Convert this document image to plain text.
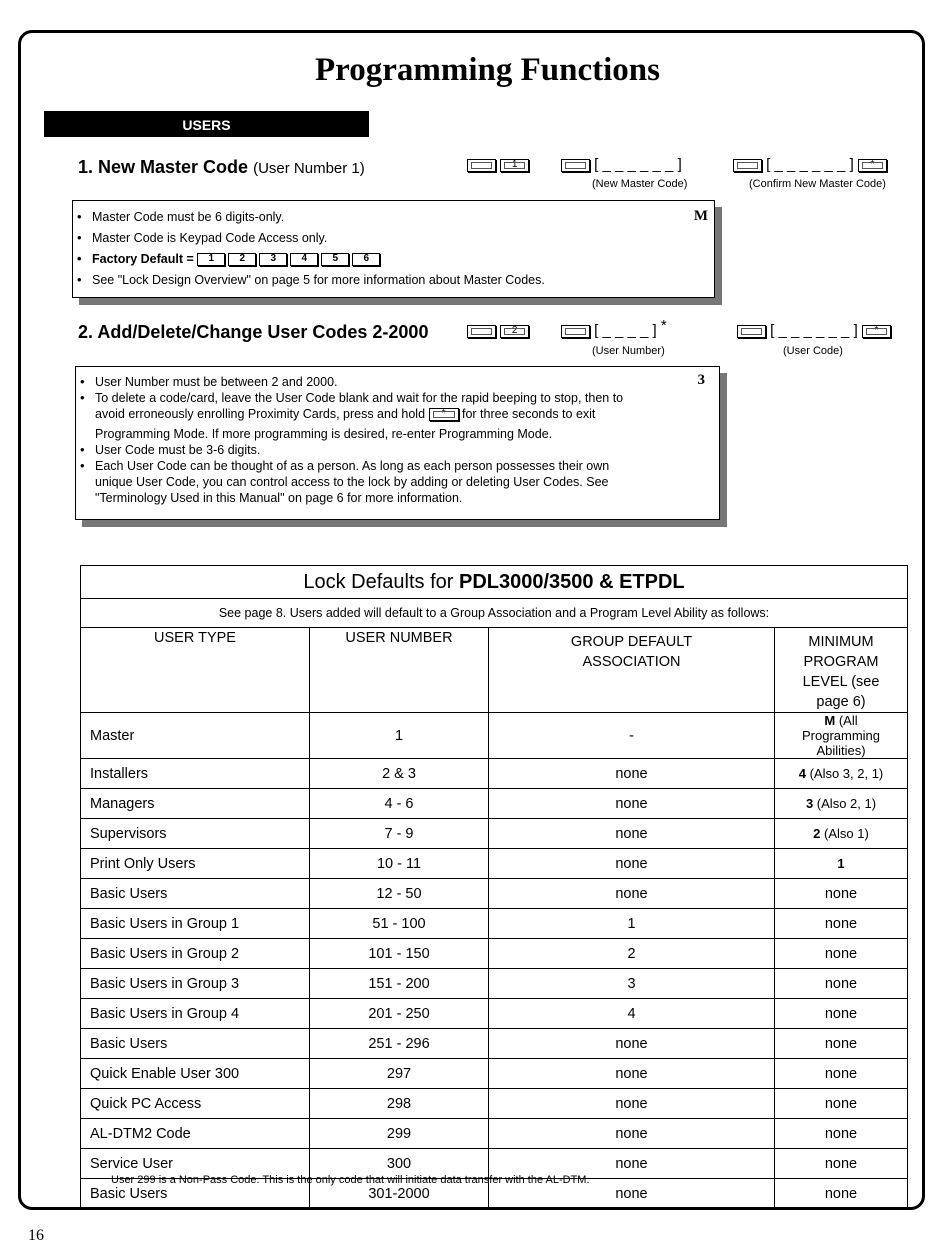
Programming Functions
USERS
1. New Master Code (User Number 1)	1	[ _ _ _ _ _ _ ]
(New Master Code)
[ _ _ _ _ _ _ ] *
(Confirm New Master Code)
M
• Master Code must be 6 digits-only.
• Master Code is Keypad Code Access only.
• Factory Default = 1	2	3	4	5	6
• See "Lock Design Overview" on page 5 for more information about Master Codes.
2. Add/Delete/Change User Codes 2-2000	2	[ _ _ _ _ ] *
(User Number)
[ _ _ _ _ _ _ ] *
(User Code)
3
• User Number must be between 2 and 2000.
• To delete a code/card, leave the User Code blank and wait for the rapid beeping to stop, then to avoid erroneously enrolling Proximity Cards, press and hold * for three seconds to exit
Programming Mode. If more programming is desired, re-enter Programming Mode.
• User Code must be 3-6 digits.
• Each User Code can be thought of as a person. As long as each person possesses their own unique User Code, you can control access to the lock by adding or deleting User Codes. See "Terminology Used in this Manual" on page 6 for more information.
Lock Defaults for PDL3000/3500 & ETPDL			
See page 8. Users added will default to a Group Association and a Program Level Ability as follows:			
USER TYPE	USER NUMBER	GROUP DEFAULT ASSOCIATION	MINIMUM PROGRAM LEVEL (see page 6)
Master	1	-	M (All Programming Abilities)
Installers	2 & 3	none	4 (Also 3, 2, 1)
Managers	4 - 6	none	3 (Also 2, 1)
Supervisors	7 - 9	none	2 (Also 1)
Print Only Users	10 - 11	none	1
Basic Users	12 - 50	none	none
Basic Users in Group 1	51 - 100	1	none
Basic Users in Group 2	101 - 150	2	none
Basic Users in Group 3	151 - 200	3	none
Basic Users in Group 4	201 - 250	4	none
Basic Users	251 - 296	none	none
Quick Enable User 300	297	none	none
Quick PC Access	298	none	none
AL-DTM2 Code	299	none	none
Service User	300	none	none
Basic Users	301-2000	none	none
User 299 is a Non-Pass Code. This is the only code that will initiate data transfer with the AL-DTM.
16
